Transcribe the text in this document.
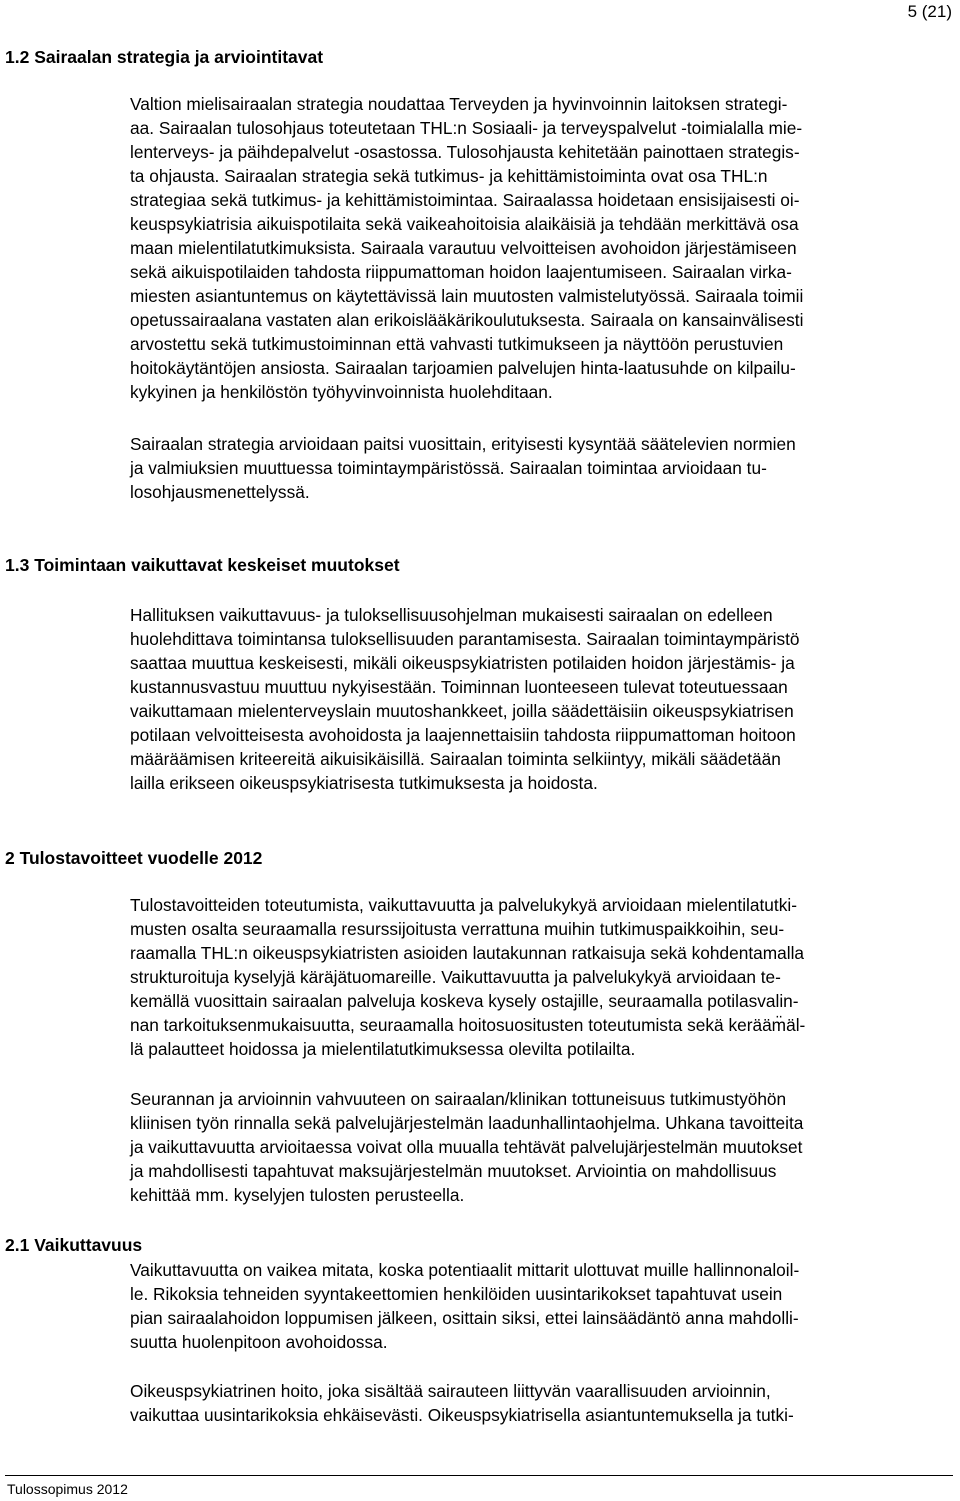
5 (21)
1.2 Sairaalan strategia ja arviointitavat
Valtion mielisairaalan strategia noudattaa Terveyden ja hyvinvoinnin laitoksen strategi-
aa. Sairaalan tulosohjaus toteutetaan THL:n Sosiaali- ja terveyspalvelut -toimialalla mie-
lenterveys- ja päihdepalvelut -osastossa. Tulosohjausta kehitetään painottaen strategis-
ta ohjausta. Sairaalan strategia sekä tutkimus- ja kehittämistoiminta ovat osa THL:n
strategiaa sekä tutkimus- ja kehittämistoimintaa. Sairaalassa hoidetaan ensisijaisesti oi-
keuspsykiatrisia aikuispotilaita sekä vaikeahoitoisia alaikäisiä ja tehdään merkittävä osa
maan mielentilatutkimuksista. Sairaala varautuu velvoitteisen avohoidon järjestämiseen
sekä aikuispotilaiden tahdosta riippumattoman hoidon laajentumiseen. Sairaalan virka-
miesten asiantuntemus on käytettävissä lain muutosten valmistelutyössä. Sairaala toimii
opetussairaalana vastaten alan erikoislääkärikoulutuksesta. Sairaala on kansainvälisesti
arvostettu sekä tutkimustoiminnan että vahvasti tutkimukseen ja näyttöön perustuvien
hoitokäytäntöjen ansiosta. Sairaalan tarjoamien palvelujen hinta-laatusuhde on kilpailu-
kykyinen ja henkilöstön työhyvinvoinnista huolehditaan.
Sairaalan strategia arvioidaan paitsi vuosittain, erityisesti kysyntää säätelevien normien
ja valmiuksien muuttuessa toimintaympäristössä. Sairaalan toimintaa arvioidaan tu-
losohjausmenettelyssä.
1.3 Toimintaan vaikuttavat keskeiset muutokset
Hallituksen vaikuttavuus- ja tuloksellisuusohjelman mukaisesti sairaalan on edelleen
huolehdittava toimintansa tuloksellisuuden parantamisesta. Sairaalan toimintaympäristö
saattaa muuttua keskeisesti, mikäli oikeuspsykiatristen potilaiden hoidon järjestämis- ja
kustannusvastuu muuttuu nykyisestään. Toiminnan luonteeseen tulevat toteutuessaan
vaikuttamaan mielenterveyslain muutoshankkeet, joilla säädettäisiin oikeuspsykiatrisen
potilaan velvoitteisesta avohoidosta ja laajennettaisiin tahdosta riippumattoman hoitoon
määräämisen kriteereitä aikuisikäisillä. Sairaalan toiminta selkiintyy, mikäli säädetään
lailla erikseen oikeuspsykiatrisesta tutkimuksesta ja hoidosta.
2 Tulostavoitteet vuodelle 2012
Tulostavoitteiden toteutumista, vaikuttavuutta ja palvelukykyä arvioidaan mielentilatutki-
musten osalta seuraamalla resurssijoitusta verrattuna muihin tutkimuspaikkoihin, seu-
raamalla THL:n oikeuspsykiatristen asioiden lautakunnan ratkaisuja sekä kohdentamalla
strukturoituja kyselyjä käräjätuomareille. Vaikuttavuutta ja palvelukykyä arvioidaan te-
kemällä vuosittain sairaalan palveluja koskeva kysely ostajille, seuraamalla potilasvalin-
nan tarkoituksenmukaisuutta, seuraamalla hoitosuositusten toteutumista sekä kerääm̈äl-
lä palautteet hoidossa ja mielentilatutkimuksessa olevilta potilailta.
Seurannan ja arvioinnin vahvuuteen on sairaalan/klinikan tottuneisuus tutkimustyöhön
kliinisen työn rinnalla sekä palvelujärjestelmän laadunhallintaohjelma. Uhkana tavoitteita
ja vaikuttavuutta arvioitaessa voivat olla muualla tehtävät palvelujärjestelmän muutokset
ja mahdollisesti tapahtuvat maksujärjestelmän muutokset. Arviointia on mahdollisuus
kehittää mm. kyselyjen tulosten perusteella.
2.1 Vaikuttavuus
Vaikuttavuutta on vaikea mitata, koska potentiaalit mittarit ulottuvat muille hallinnonaloil-
le. Rikoksia tehneiden syyntakeettomien henkilöiden uusintarikokset tapahtuvat usein
pian sairaalahoidon loppumisen jälkeen, osittain siksi, ettei lainsäädäntö anna mahdolli-
suutta huolenpitoon avohoidossa.
Oikeuspsykiatrinen hoito, joka sisältää sairauteen liittyvän vaarallisuuden arvioinnin,
vaikuttaa uusintarikoksia ehkäisevästi. Oikeuspsykiatrisella asiantuntemuksella ja tutki-
Tulossopimus 2012
